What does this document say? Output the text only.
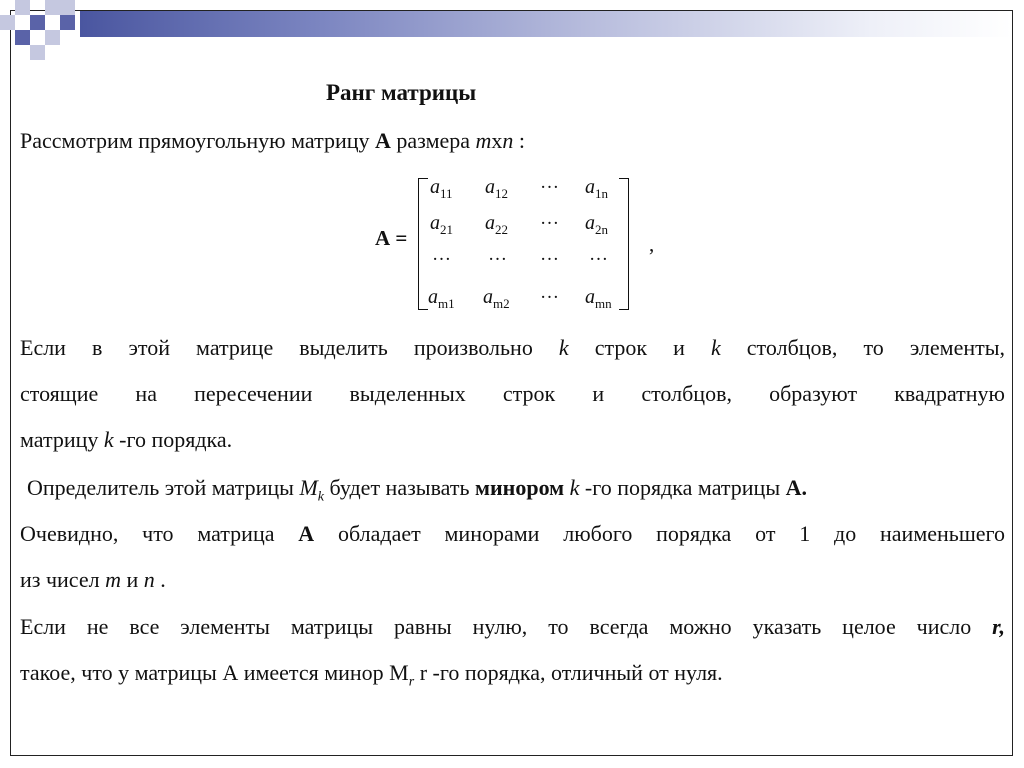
Ранг матрицы
Рассмотрим прямоугольную матрицу А размера mxn :
А =
$a_{11}$ $a_{12}$
… $a_{1n}$
$a_{21}$ $a_{22}$
… $a_{2n}$
… … … …
$a_{m1}$ $a_{m2}$
… $a_{mn}$
,
Если в этой матрице выделить произвольно k строк и k столбцов, то элементы,
стоящие на пересечении выделенных строк и столбцов, образуют квадратную
матрицу k -го порядка.
Определитель этой матрицы $M_k$ будет называть минором k -го порядка матрицы А.
Очевидно, что матрица А обладает минорами любого порядка от 1 до наименьшего
из чисел m и n .
Если не все элементы матрицы равны нулю, то всегда можно указать целое число r,
такое, что у матрицы А имеется минор $М_r$ r -го порядка, отличный от нуля.
